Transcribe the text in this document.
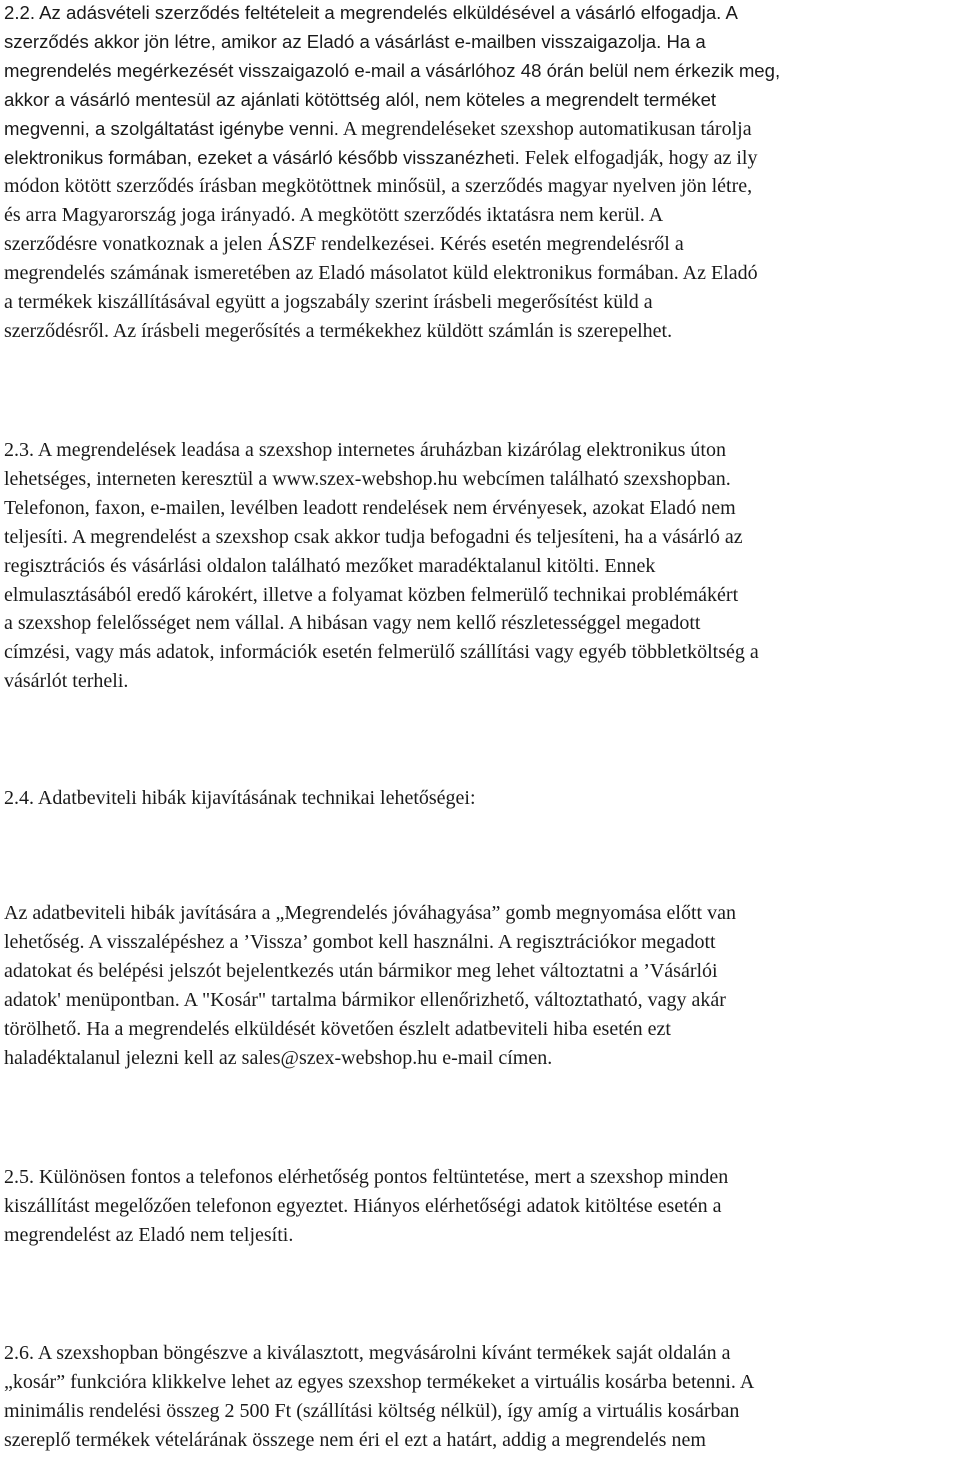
2.2. Az adásvételi szerződés feltételeit a megrendelés elküldésével a vásárló elfogadja. A
szerződés akkor jön létre, amikor az Eladó a vásárlást e-mailben visszaigazolja. Ha a
megrendelés megérkezését visszaigazoló e-mail a vásárlóhoz 48 órán belül nem érkezik meg,
akkor a vásárló mentesül az ajánlati kötöttség alól, nem köteles a megrendelt terméket
megvenni, a szolgáltatást igénybe venni. A megrendeléseket szexshop automatikusan tárolja
elektronikus formában, ezeket a vásárló később visszanézheti. Felek elfogadják, hogy az ily
módon kötött szerződés írásban megkötöttnek minősül, a szerződés magyar nyelven jön létre,
és arra Magyarország joga irányadó. A megkötött szerződés iktatásra nem kerül. A
szerződésre vonatkoznak a jelen ÁSZF rendelkezései. Kérés esetén megrendelésről a
megrendelés számának ismeretében az Eladó másolatot küld elektronikus formában. Az Eladó
a termékek kiszállításával együtt a jogszabály szerint írásbeli megerősítést küld a
szerződésről. Az írásbeli megerősítés a termékekhez küldött számlán is szerepelhet.

2.3. A megrendelések leadása a szexshop internetes áruházban kizárólag elektronikus úton
lehetséges, interneten keresztül a www.szex-webshop.hu webcímen található szexshopban.
Telefonon, faxon, e-mailen, levélben leadott rendelések nem érvényesek, azokat Eladó nem
teljesíti. A megrendelést a szexshop csak akkor tudja befogadni és teljesíteni, ha a vásárló az
regisztrációs és vásárlási oldalon található mezőket maradéktalanul kitölti. Ennek
elmulasztásából eredő károkért, illetve a folyamat közben felmerülő technikai problémákért
a szexshop felelősséget nem vállal. A hibásan vagy nem kellő részletességgel megadott
címzési, vagy más adatok, információk esetén felmerülő szállítási vagy egyéb többletköltség a
vásárlót terheli.

2.4. Adatbeviteli hibák kijavításának technikai lehetőségei:

Az adatbeviteli hibák javítására a „Megrendelés jóváhagyása” gomb megnyomása előtt van
lehetőség. A visszalépéshez a ’Vissza’ gombot kell használni. A regisztrációkor megadott
adatokat és belépési jelszót bejelentkezés után bármikor meg lehet változtatni a ’Vásárlói
adatok' menüpontban. A "Kosár" tartalma bármikor ellenőrizhető, változtatható, vagy akár
törölhető. Ha a megrendelés elküldését követően észlelt adatbeviteli hiba esetén ezt
haladéktalanul jelezni kell az sales@szex-webshop.hu e-mail címen.

2.5. Különösen fontos a telefonos elérhetőség pontos feltüntetése, mert a szexshop minden
kiszállítást megelőzően telefonon egyeztet. Hiányos elérhetőségi adatok kitöltése esetén a
megrendelést az Eladó nem teljesíti.

2.6. A szexshopban böngészve a kiválasztott, megvásárolni kívánt termékek saját oldalán a
„kosár” funkcióra klikkelve lehet az egyes szexshop termékeket a virtuális kosárba betenni. A
minimális rendelési összeg 2 500 Ft (szállítási költség nélkül), így amíg a virtuális kosárban
szereplő termékek vételárának összege nem éri el ezt a határt, addig a megrendelés nem
